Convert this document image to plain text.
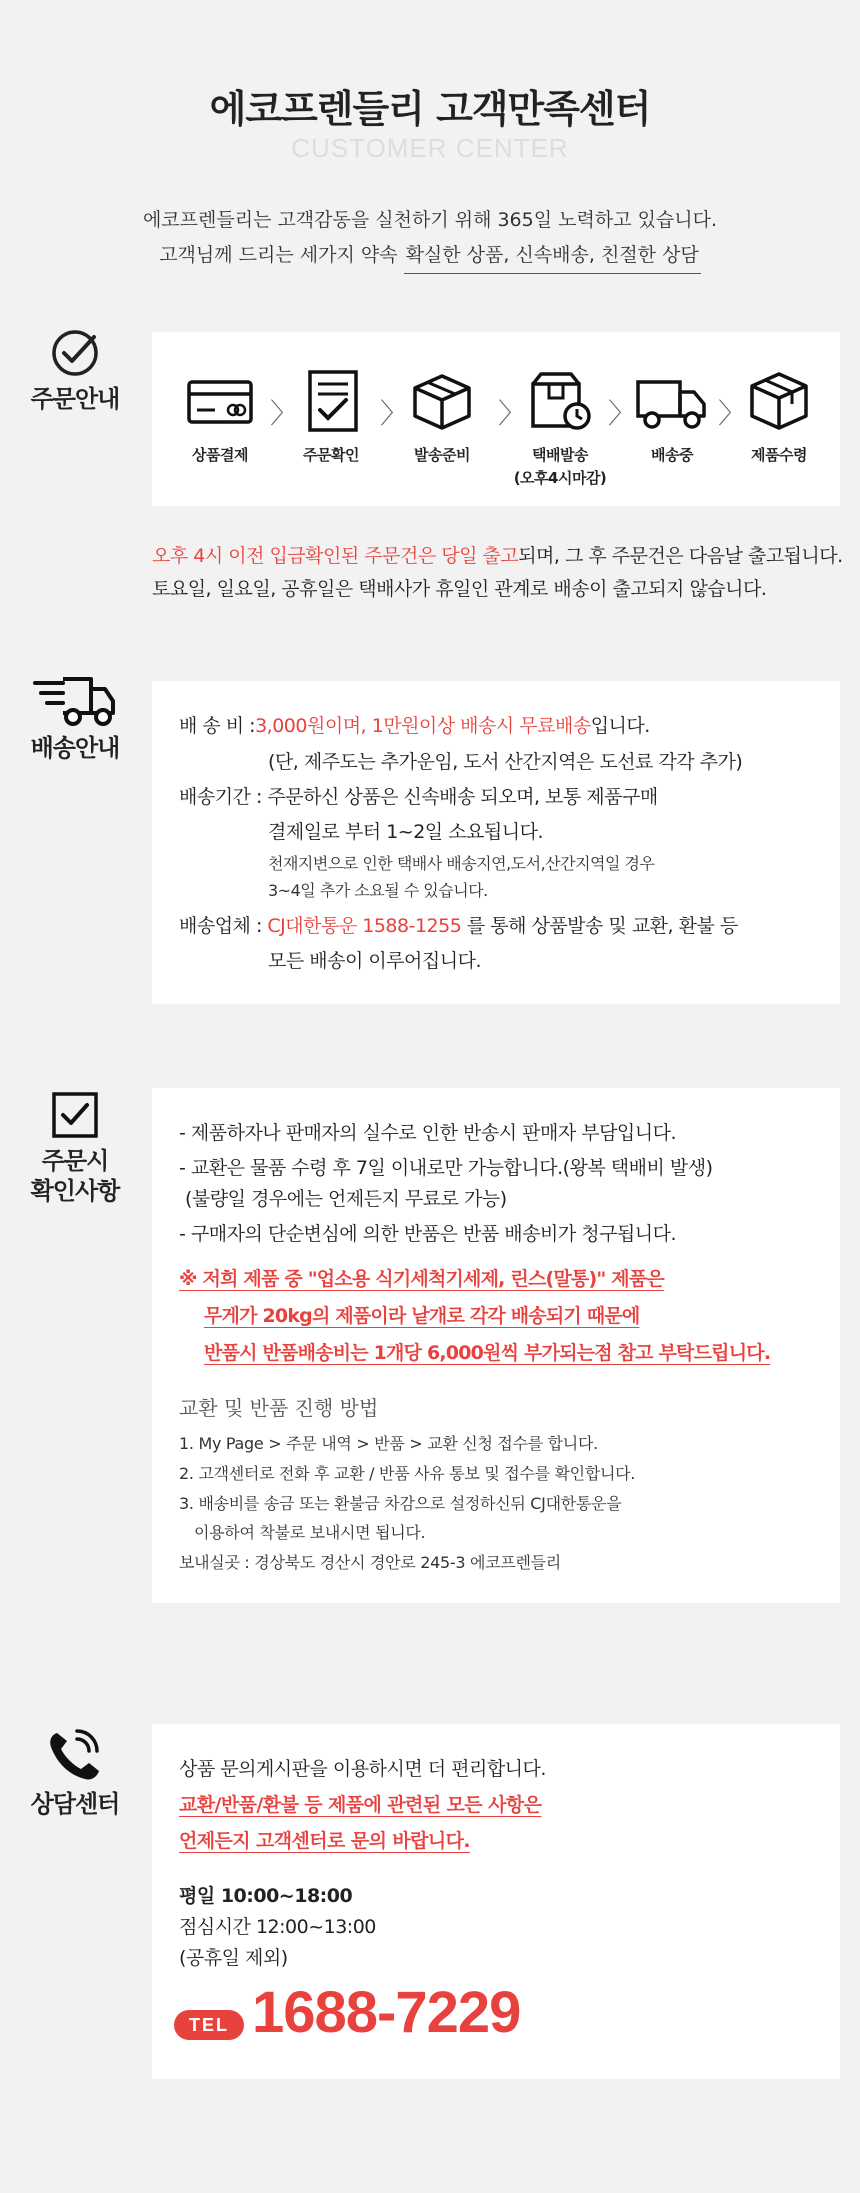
에코프렌들리 고객만족센터
CUSTOMER CENTER
에코프렌들리는 고객감동을 실천하기 위해 365일 노력하고 있습니다.
고객님께 드리는 세가지 약속 확실한 상품, 신속배송, 친절한 상담
주문안내
상품결제
〉
주문확인
〉
발송준비
〉
택배발송
(오후4시마감)
〉
배송중
〉
제품수령
오후 4시 이전 입금확인된 주문건은 당일 출고되며, 그 후 주문건은 다음날 출고됩니다.
토요일, 일요일, 공휴일은 택배사가 휴일인 관계로 배송이 출고되지 않습니다.
배송안내
배 송 비 :3,000원이며, 1만원이상 배송시 무료배송입니다.
(단, 제주도는 추가운임, 도서 산간지역은 도선료 각각 추가)
배송기간 : 주문하신 상품은 신속배송 되오며, 보통 제품구매
결제일로 부터 1~2일 소요됩니다.
천재지변으로 인한 택배사 배송지연,도서,산간지역일 경우
3~4일 추가 소요될 수 있습니다.
배송업체 : CJ대한통운 1588-1255 를 통해 상품발송 및 교환, 환불 등
모든 배송이 이루어집니다.
주문시
확인사항
- 제품하자나 판매자의 실수로 인한 반송시 판매자 부담입니다.
- 교환은 물품 수령 후 7일 이내로만 가능합니다.(왕복 택배비 발생)
(불량일 경우에는 언제든지 무료로 가능)
- 구매자의 단순변심에 의한 반품은 반품 배송비가 청구됩니다.
※ 저희 제품 중 "업소용 식기세척기세제, 린스(말통)" 제품은
무게가 20kg의 제품이라 낱개로 각각 배송되기 때문에
반품시 반품배송비는 1개당 6,000원씩 부가되는점 참고 부탁드립니다.
교환 및 반품 진행 방법
1. My Page > 주문 내역 > 반품 > 교환 신청 접수를 합니다.
2. 고객센터로 전화 후 교환 / 반품 사유 통보 및 접수를 확인합니다.
3. 배송비를 송금 또는 환불금 차감으로 설정하신뒤 CJ대한통운을
이용하여 착불로 보내시면 됩니다.
보내실곳 : 경상북도 경산시 경안로 245-3 에코프렌들리
상담센터
상품 문의게시판을 이용하시면 더 편리합니다.
교환/반품/환불 등 제품에 관련된 모든 사항은
언제든지 고객센터로 문의 바랍니다.
평일 10:00~18:00
점심시간 12:00~13:00
(공휴일 제외)
TEL 1688-7229
